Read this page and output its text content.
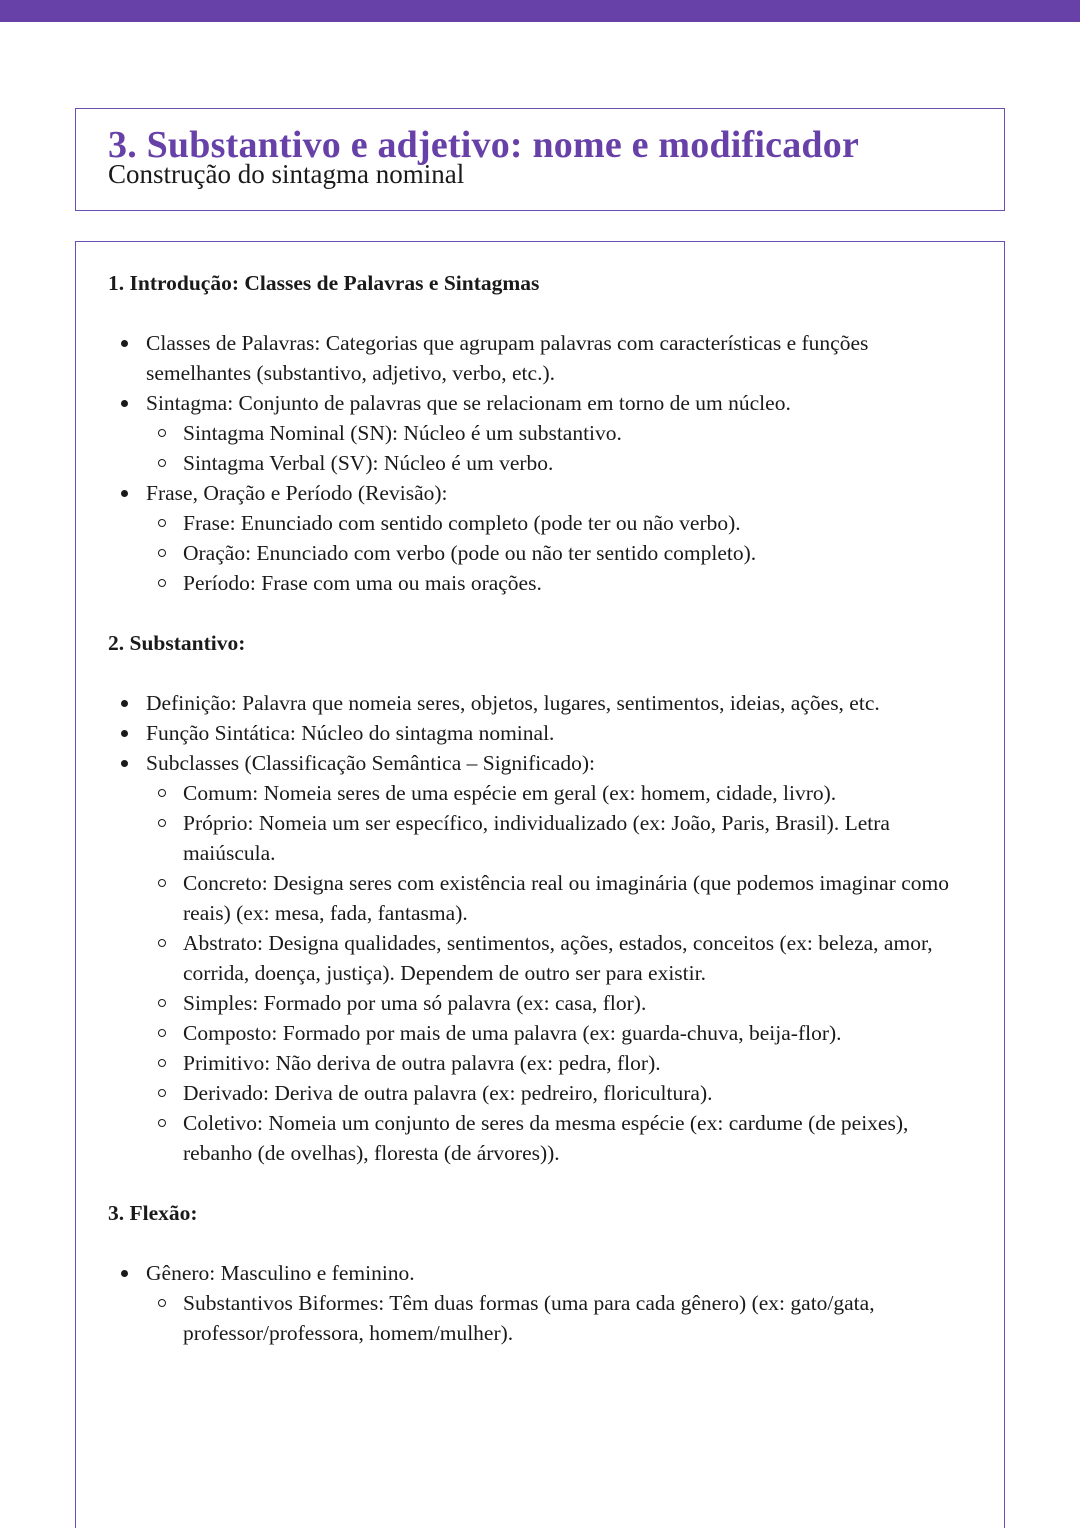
3. Substantivo e adjetivo: nome e modificador
Construção do sintagma nominal
1. Introdução: Classes de Palavras e Sintagmas
Classes de Palavras: Categorias que agrupam palavras com características e funções semelhantes (substantivo, adjetivo, verbo, etc.).
Sintagma: Conjunto de palavras que se relacionam em torno de um núcleo.
Sintagma Nominal (SN): Núcleo é um substantivo.
Sintagma Verbal (SV): Núcleo é um verbo.
Frase, Oração e Período (Revisão):
Frase: Enunciado com sentido completo (pode ter ou não verbo).
Oração: Enunciado com verbo (pode ou não ter sentido completo).
Período: Frase com uma ou mais orações.
2. Substantivo:
Definição: Palavra que nomeia seres, objetos, lugares, sentimentos, ideias, ações, etc.
Função Sintática: Núcleo do sintagma nominal.
Subclasses (Classificação Semântica – Significado):
Comum: Nomeia seres de uma espécie em geral (ex: homem, cidade, livro).
Próprio: Nomeia um ser específico, individualizado (ex: João, Paris, Brasil). Letra maiúscula.
Concreto: Designa seres com existência real ou imaginária (que podemos imaginar como reais) (ex: mesa, fada, fantasma).
Abstrato: Designa qualidades, sentimentos, ações, estados, conceitos (ex: beleza, amor, corrida, doença, justiça). Dependem de outro ser para existir.
Simples: Formado por uma só palavra (ex: casa, flor).
Composto: Formado por mais de uma palavra (ex: guarda-chuva, beija-flor).
Primitivo: Não deriva de outra palavra (ex: pedra, flor).
Derivado: Deriva de outra palavra (ex: pedreiro, floricultura).
Coletivo: Nomeia um conjunto de seres da mesma espécie (ex: cardume (de peixes), rebanho (de ovelhas), floresta (de árvores)).
3. Flexão:
Gênero: Masculino e feminino.
Substantivos Biformes: Têm duas formas (uma para cada gênero) (ex: gato/gata, professor/professora, homem/mulher).
